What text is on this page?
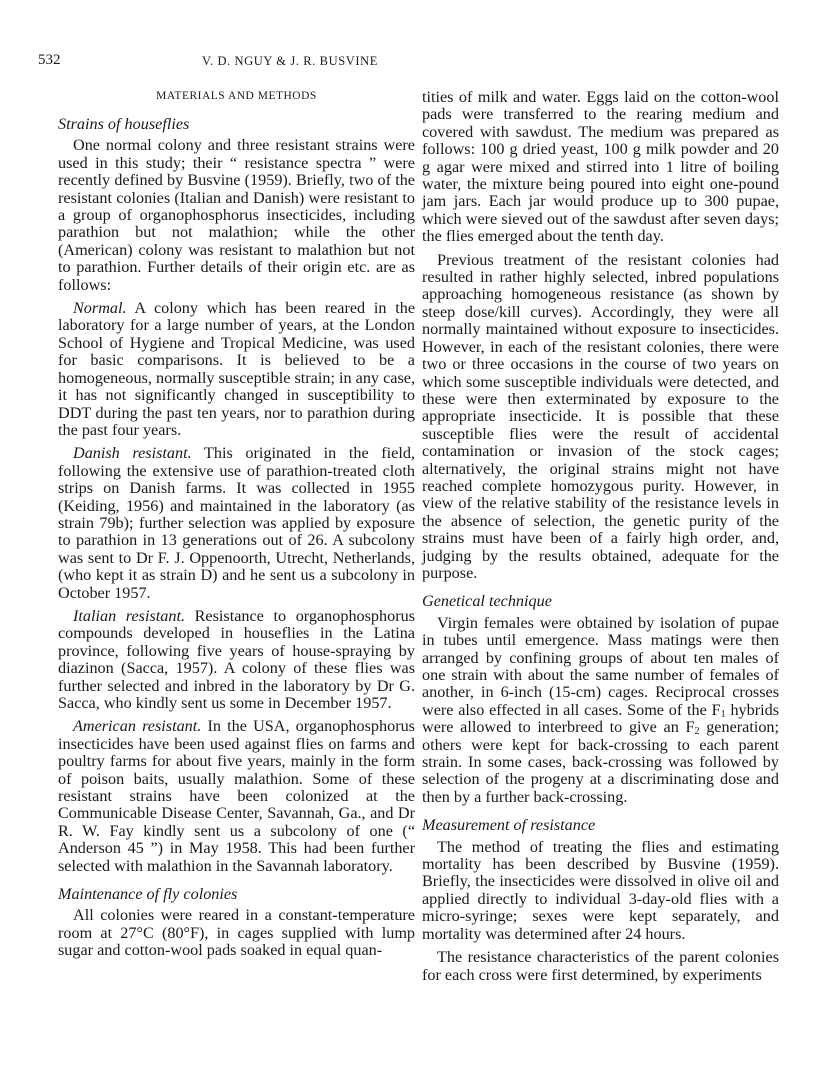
532	V. D. NGUY & J. R. BUSVINE
MATERIALS AND METHODS
Strains of houseflies

One normal colony and three resistant strains were used in this study; their “ resistance spectra ” were recently defined by Busvine (1959). Briefly, two of the resistant colonies (Italian and Danish) were resistant to a group of organophosphorus insecticides, including parathion but not malathion; while the other (American) colony was resistant to malathion but not to parathion. Further details of their origin etc. are as follows:

Normal. A colony which has been reared in the laboratory for a large number of years, at the London School of Hygiene and Tropical Medicine, was used for basic comparisons. It is believed to be a homogeneous, normally susceptible strain; in any case, it has not significantly changed in susceptibility to DDT during the past ten years, nor to parathion during the past four years.

Danish resistant. This originated in the field, following the extensive use of parathion-treated cloth strips on Danish farms. It was collected in 1955 (Keiding, 1956) and maintained in the laboratory (as strain 79b); further selection was applied by exposure to parathion in 13 generations out of 26. A subcolony was sent to Dr F. J. Oppenoorth, Utrecht, Netherlands, (who kept it as strain D) and he sent us a subcolony in October 1957.

Italian resistant. Resistance to organophosphorus compounds developed in houseflies in the Latina province, following five years of house-spraying by diazinon (Sacca, 1957). A colony of these flies was further selected and inbred in the laboratory by Dr G. Sacca, who kindly sent us some in December 1957.

American resistant. In the USA, organophosphorus insecticides have been used against flies on farms and poultry farms for about five years, mainly in the form of poison baits, usually malathion. Some of these resistant strains have been colonized at the Communicable Disease Center, Savannah, Ga., and Dr R. W. Fay kindly sent us a subcolony of one (“ Anderson 45 ”) in May 1958. This had been further selected with malathion in the Savannah laboratory.

Maintenance of fly colonies

All colonies were reared in a constant-temperature room at 27°C (80°F), in cages supplied with lump sugar and cotton-wool pads soaked in equal quan-

tities of milk and water. Eggs laid on the cotton-wool pads were transferred to the rearing medium and covered with sawdust. The medium was prepared as follows: 100 g dried yeast, 100 g milk powder and 20 g agar were mixed and stirred into 1 litre of boiling water, the mixture being poured into eight one-pound jam jars. Each jar would produce up to 300 pupae, which were sieved out of the sawdust after seven days; the flies emerged about the tenth day.

Previous treatment of the resistant colonies had resulted in rather highly selected, inbred populations approaching homogeneous resistance (as shown by steep dose/kill curves). Accordingly, they were all normally maintained without exposure to insecticides. However, in each of the resistant colonies, there were two or three occasions in the course of two years on which some susceptible individuals were detected, and these were then exterminated by exposure to the appropriate insecticide. It is possible that these susceptible flies were the result of accidental contamination or invasion of the stock cages; alternatively, the original strains might not have reached complete homozygous purity. However, in view of the relative stability of the resistance levels in the absence of selection, the genetic purity of the strains must have been of a fairly high order, and, judging by the results obtained, adequate for the purpose.

Genetical technique

Virgin females were obtained by isolation of pupae in tubes until emergence. Mass matings were then arranged by confining groups of about ten males of one strain with about the same number of females of another, in 6-inch (15-cm) cages. Reciprocal crosses were also effected in all cases. Some of the $F_1$ hybrids were allowed to interbreed to give an $F_2$ generation; others were kept for back-crossing to each parent strain. In some cases, back-crossing was followed by selection of the progeny at a discriminating dose and then by a further back-crossing.

Measurement of resistance

The method of treating the flies and estimating mortality has been described by Busvine (1959). Briefly, the insecticides were dissolved in olive oil and applied directly to individual 3-day-old flies with a micro-syringe; sexes were kept separately, and mortality was determined after 24 hours.

The resistance characteristics of the parent colonies for each cross were first determined, by experiments
